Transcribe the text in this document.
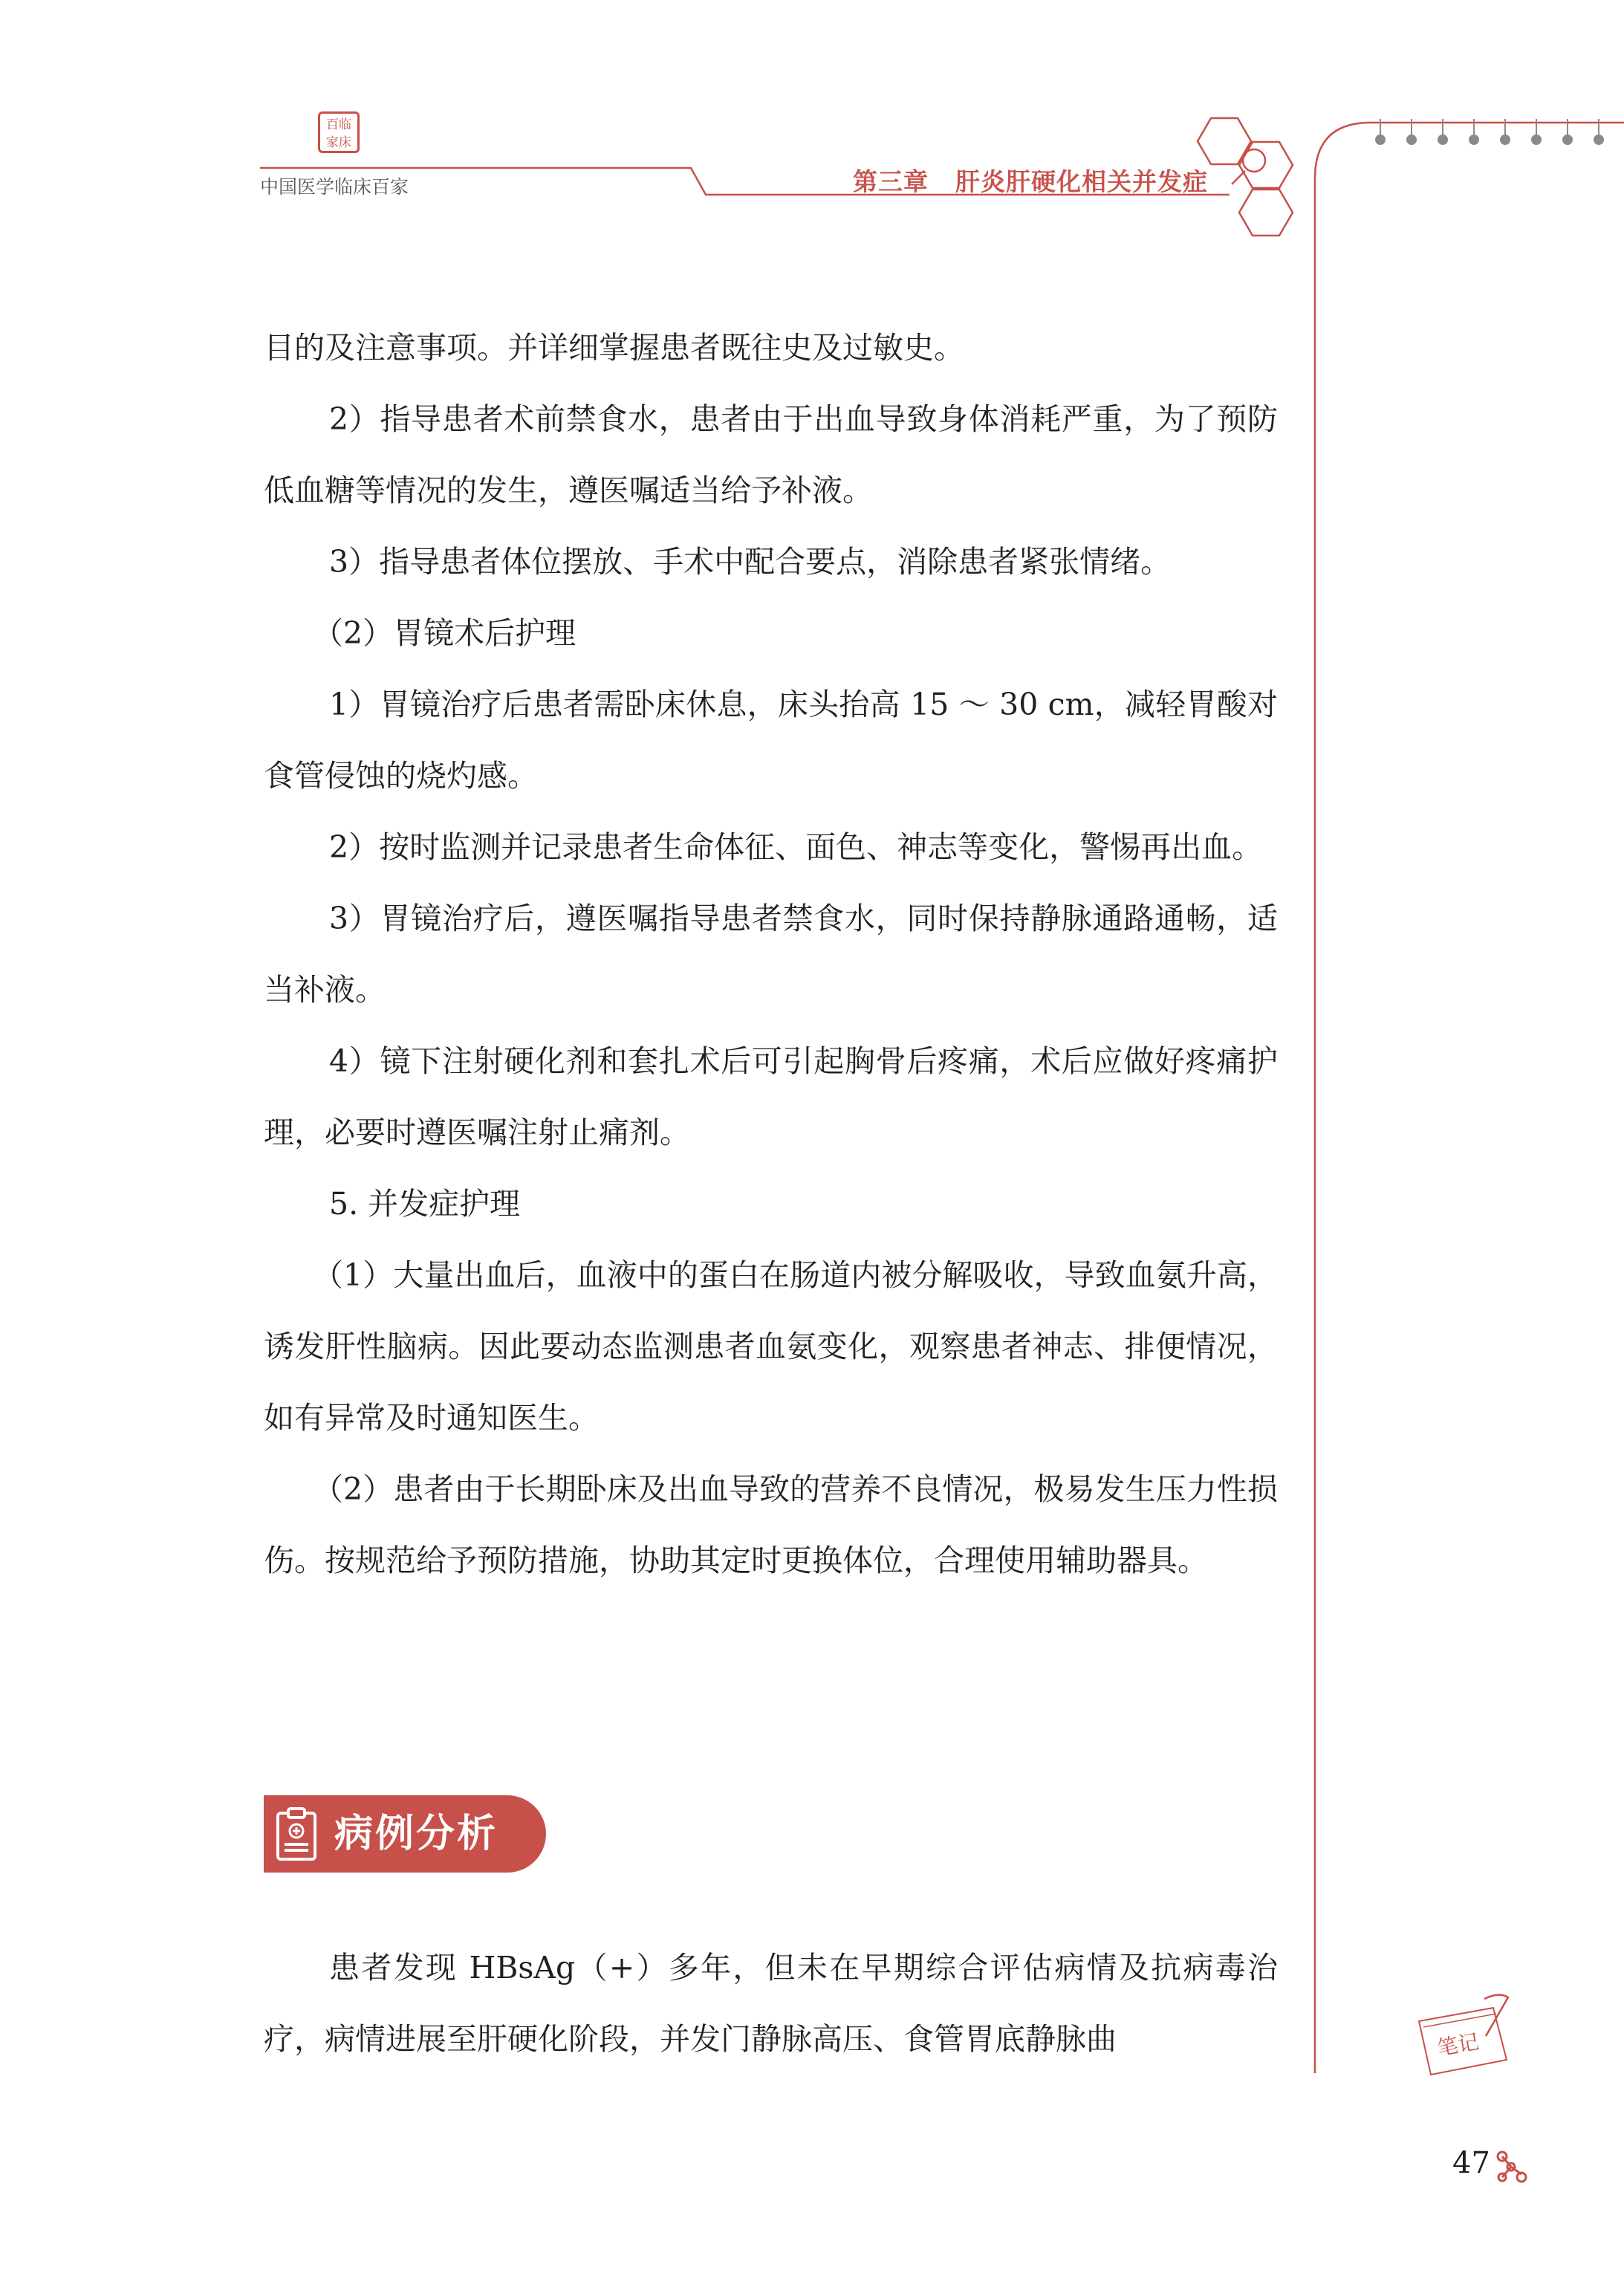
百临家床
中国医学临床百家	第三章 肝炎肝硬化相关并发症

目的及注意事项。并详细掌握患者既往史及过敏史。

2）指导患者术前禁食水，患者由于出血导致身体消耗严重，为了预防低血糖等情况的发生，遵医嘱适当给予补液。

3）指导患者体位摆放、手术中配合要点，消除患者紧张情绪。

（2）胃镜术后护理

1）胃镜治疗后患者需卧床休息，床头抬高 15 ～ 30 cm，减轻胃酸对食管侵蚀的烧灼感。

2）按时监测并记录患者生命体征、面色、神志等变化，警惕再出血。

3）胃镜治疗后，遵医嘱指导患者禁食水，同时保持静脉通路通畅，适当补液。

4）镜下注射硬化剂和套扎术后可引起胸骨后疼痛，术后应做好疼痛护理，必要时遵医嘱注射止痛剂。

5. 并发症护理

（1）大量出血后，血液中的蛋白在肠道内被分解吸收，导致血氨升高，诱发肝性脑病。因此要动态监测患者血氨变化，观察患者神志、排便情况，如有异常及时通知医生。

（2）患者由于长期卧床及出血导致的营养不良情况，极易发生压力性损伤。按规范给予预防措施，协助其定时更换体位，合理使用辅助器具。

病例分析

患者发现 HBsAg（+）多年，但未在早期综合评估病情及抗病毒治疗，病情进展至肝硬化阶段，并发门静脉高压、食管胃底静脉曲	笔记
47
